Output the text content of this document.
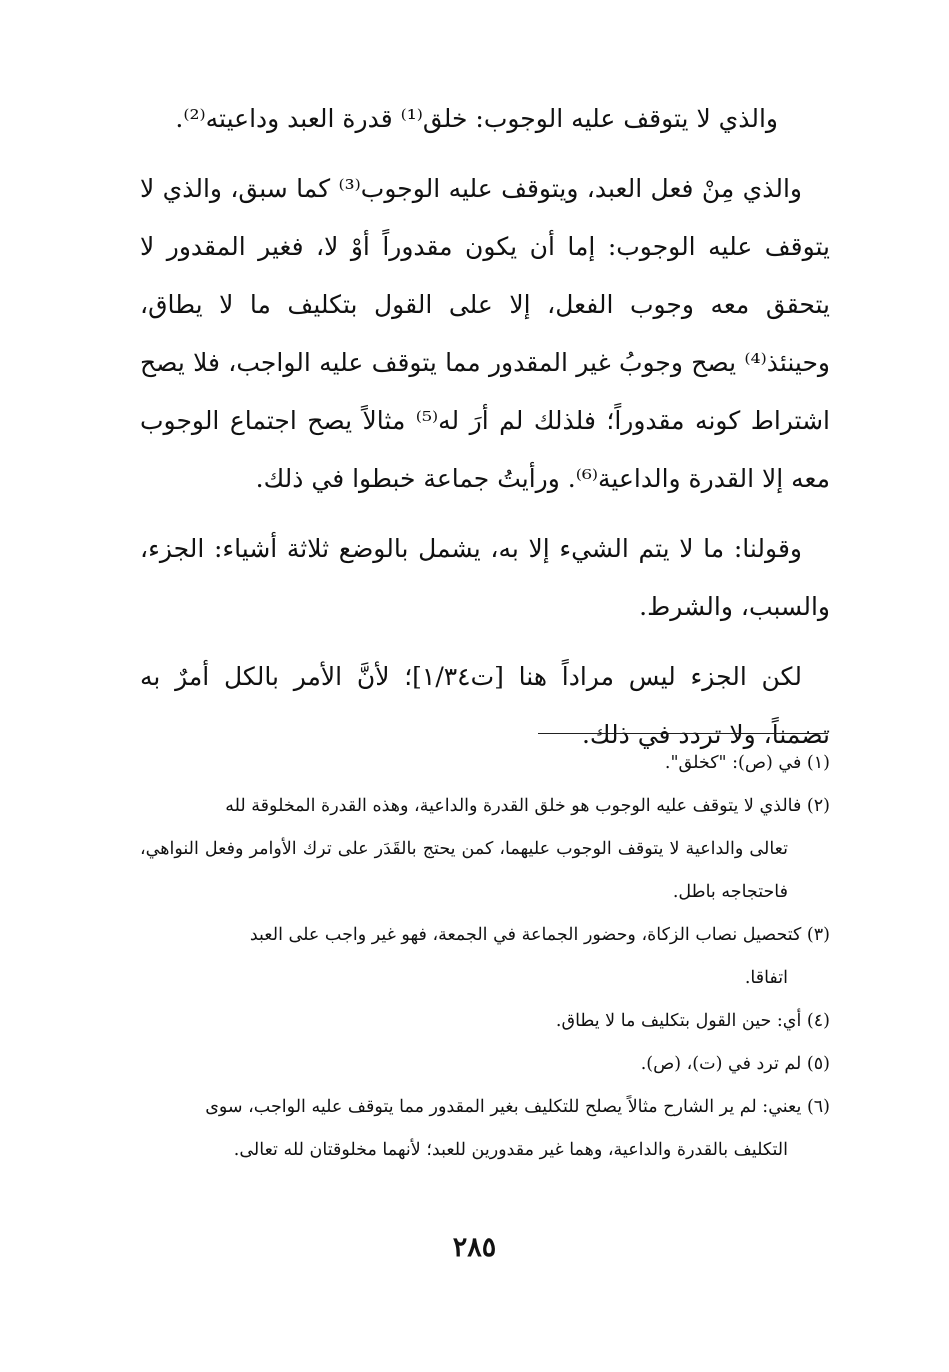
والذي لا يتوقف عليه الوجوب: خلق⁽¹⁾ قدرة العبد وداعيته⁽²⁾.

والذي مِنْ فعل العبد، ويتوقف عليه الوجوب⁽³⁾ كما سبق، والذي لا يتوقف عليه الوجوب: إما أن يكون مقدوراً أوْ لا، فغير المقدور لا يتحقق معه وجوب الفعل، إلا على القول بتكليف ما لا يطاق، وحينئذ⁽⁴⁾ يصح وجوبُ غير المقدور مما يتوقف عليه الواجب، فلا يصح اشتراط كونه مقدوراً؛ فلذلك لم أرَ له⁽⁵⁾ مثالاً يصح اجتماع الوجوب معه إلا القدرة والداعية⁽⁶⁾. ورأيتُ جماعة خبطوا في ذلك.

وقولنا: ما لا يتم الشيء إلا به، يشمل بالوضع ثلاثة أشياء: الجزء، والسبب، والشرط.

لكن الجزء ليس مراداً هنا [ت١/٣٤]؛ لأنَّ الأمر بالكل أمرٌ به تضمناً، ولا تردد في ذلك.

(١) في (ص): "كخلق".

(٢) فالذي لا يتوقف عليه الوجوب هو خلق القدرة والداعية، وهذه القدرة المخلوقة لله

تعالى والداعية لا يتوقف الوجوب عليهما، كمن يحتج بالقَدَر على ترك الأوامر وفعل النواهي، فاحتجاجه باطل.

(٣) كتحصيل نصاب الزكاة، وحضور الجماعة في الجمعة، فهو غير واجب على العبد

اتفاقا.

(٤) أي: حين القول بتكليف ما لا يطاق.

(٥) لم ترد في (ت)، (ص).

(٦) يعني: لم ير الشارح مثالاً يصلح للتكليف بغير المقدور مما يتوقف عليه الواجب، سوى

التكليف بالقدرة والداعية، وهما غير مقدورين للعبد؛ لأنهما مخلوقتان لله تعالى.

٢٨٥
